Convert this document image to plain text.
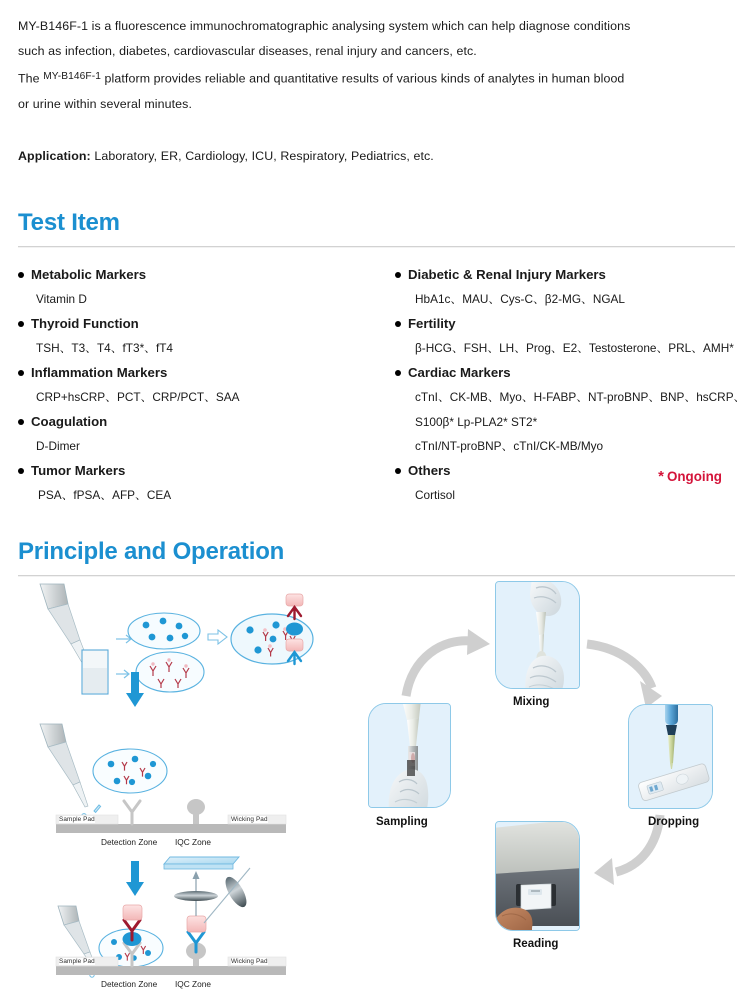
MY-B146F-1 is a fluorescence immunochromatographic analysing system which can help diagnose conditions

such as infection, diabetes, cardiovascular diseases, renal injury and cancers, etc.

The $^{MY-B146F-1}$ platform provides reliable and quantitative results of various kinds of analytes in human blood

or urine within several minutes.

Application: Laboratory, ER, Cardiology, ICU, Respiratory, Pediatrics, etc.

Test Item
Metabolic Markers
Vitamin D
Thyroid Function
TSH、T3、T4、fT3*、fT4
Inflammation Markers
CRP+hsCRP、PCT、CRP/PCT、SAA
Coagulation
D-Dimer
Tumor Markers
PSA、fPSA、AFP、CEA
Diabetic & Renal Injury Markers
HbA1c、MAU、Cys-C、β2-MG、NGAL
Fertility
β-HCG、FSH、LH、Prog、E2、Testosterone、PRL、AMH*
Cardiac Markers
cTnI、CK-MB、Myo、H-FABP、NT-proBNP、BNP、hsCRP、
S100β* Lp-PLA2* ST2*
cTnI/NT-proBNP、cTnI/CK-MB/Myo
Others
Cortisol
* Ongoing
Principle and Operation
Sample Pad	Wicking Pad
Detection Zone IQC Zone
Sample Pad	Wicking Pad
Detection Zone IQC Zone
Sampling
Mixing
Dropping
Reading
